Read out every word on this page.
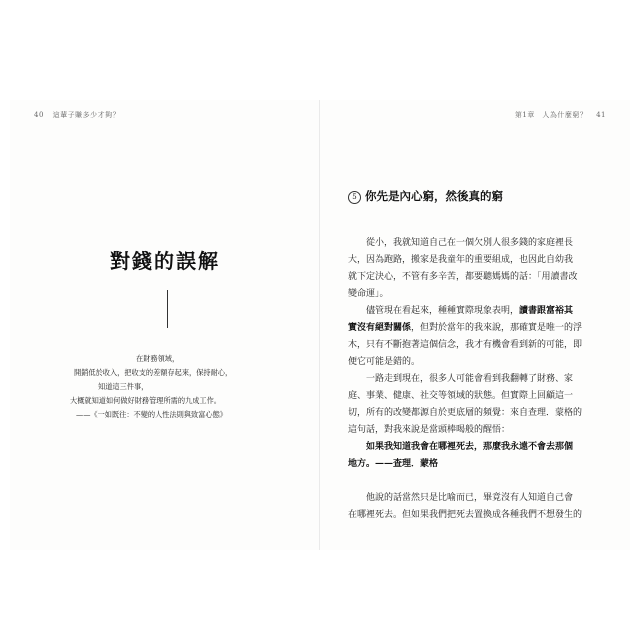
40 這輩子賺多少才夠？
對錢的誤解
在財務領域，
開銷低於收入，把收支的差額存起來，保持耐心，
知道這三件事，
大概就知道如何做好財務管理所需的九成工作。
——《一如既往：不變的人性法則與致富心態》
第1章　人為什麼窮？ 41
5 你先是內心窮，然後真的窮
從小，我就知道自己在一個欠別人很多錢的家庭裡長
大，因為跑路，搬家是我童年的重要組成，也因此自幼我
就下定決心，不管有多辛苦，都要聽媽媽的話：「用讀書改
變命運」。
儘管現在看起來，種種實際現象表明，讀書跟富裕其
實沒有絕對關係，但對於當年的我來說，那確實是唯一的浮
木，只有不斷抱著這個信念，我才有機會看到新的可能，即
便它可能是錯的。
一路走到現在，很多人可能會看到我翻轉了財務、家
庭、事業、健康、社交等領域的狀態。但實際上回顧這一
切，所有的改變都源自於更底層的頻覺：來自查理．蒙格的
這句話，對我來說是當頭棒喝般的醒悟：
如果我知道我會在哪裡死去，那麼我永遠不會去那個
地方。——查理．蒙格
他說的話當然只是比喻而已，畢竟沒有人知道自己會
在哪裡死去。但如果我們把死去置換成各種我們不想發生的
